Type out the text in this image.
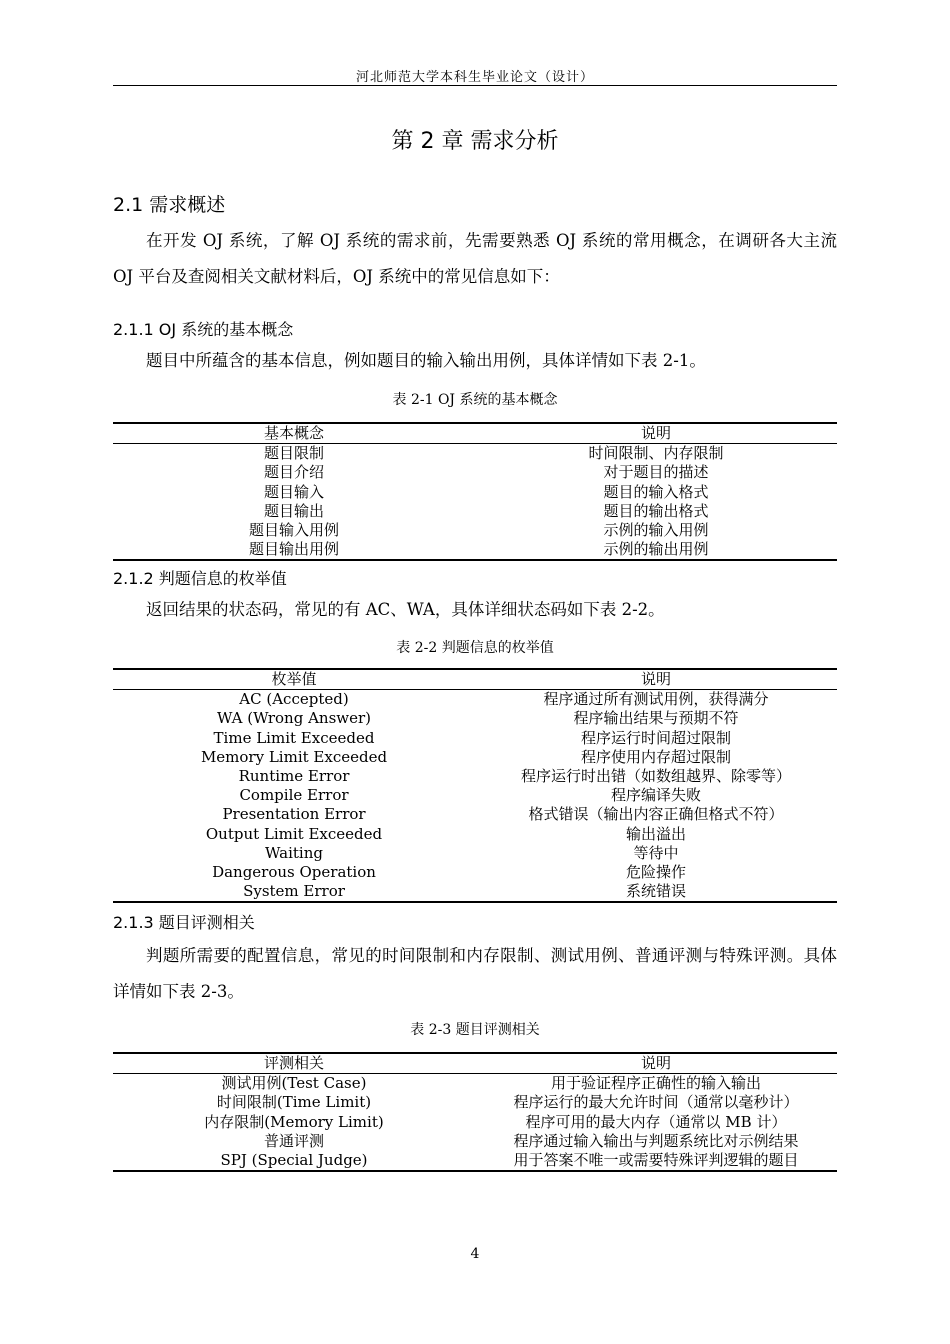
河北师范大学本科生毕业论文（设计）
第 2 章 需求分析
2.1 需求概述
在开发 OJ 系统，了解 OJ 系统的需求前，先需要熟悉 OJ 系统的常用概念，在调研各大主流 OJ 平台及查阅相关文献材料后，OJ 系统中的常见信息如下：
2.1.1 OJ 系统的基本概念
题目中所蕴含的基本信息，例如题目的输入输出用例，具体详情如下表 2-1。
表 2-1 OJ 系统的基本概念
基本概念	说明
题目限制	时间限制、内存限制
题目介绍	对于题目的描述
题目输入	题目的输入格式
题目输出	题目的输出格式
题目输入用例	示例的输入用例
题目输出用例	示例的输出用例
2.1.2 判题信息的枚举值
返回结果的状态码，常见的有 AC、WA，具体详细状态码如下表 2-2。
表 2-2 判题信息的枚举值
枚举值	说明
AC (Accepted)	程序通过所有测试用例，获得满分
WA (Wrong Answer)	程序输出结果与预期不符
Time Limit Exceeded	程序运行时间超过限制
Memory Limit Exceeded	程序使用内存超过限制
Runtime Error	程序运行时出错（如数组越界、除零等）
Compile Error	程序编译失败
Presentation Error	格式错误（输出内容正确但格式不符）
Output Limit Exceeded	输出溢出
Waiting	等待中
Dangerous Operation	危险操作
System Error	系统错误
2.1.3 题目评测相关
判题所需要的配置信息，常见的时间限制和内存限制、测试用例、普通评测与特殊评测。具体详情如下表 2-3。
表 2-3 题目评测相关
评测相关	说明
测试用例(Test Case)	用于验证程序正确性的输入输出
时间限制(Time Limit)	程序运行的最大允许时间（通常以毫秒计）
内存限制(Memory Limit)	程序可用的最大内存（通常以 MB 计）
普通评测	程序通过输入输出与判题系统比对示例结果
SPJ (Special Judge)	用于答案不唯一或需要特殊评判逻辑的题目
4
